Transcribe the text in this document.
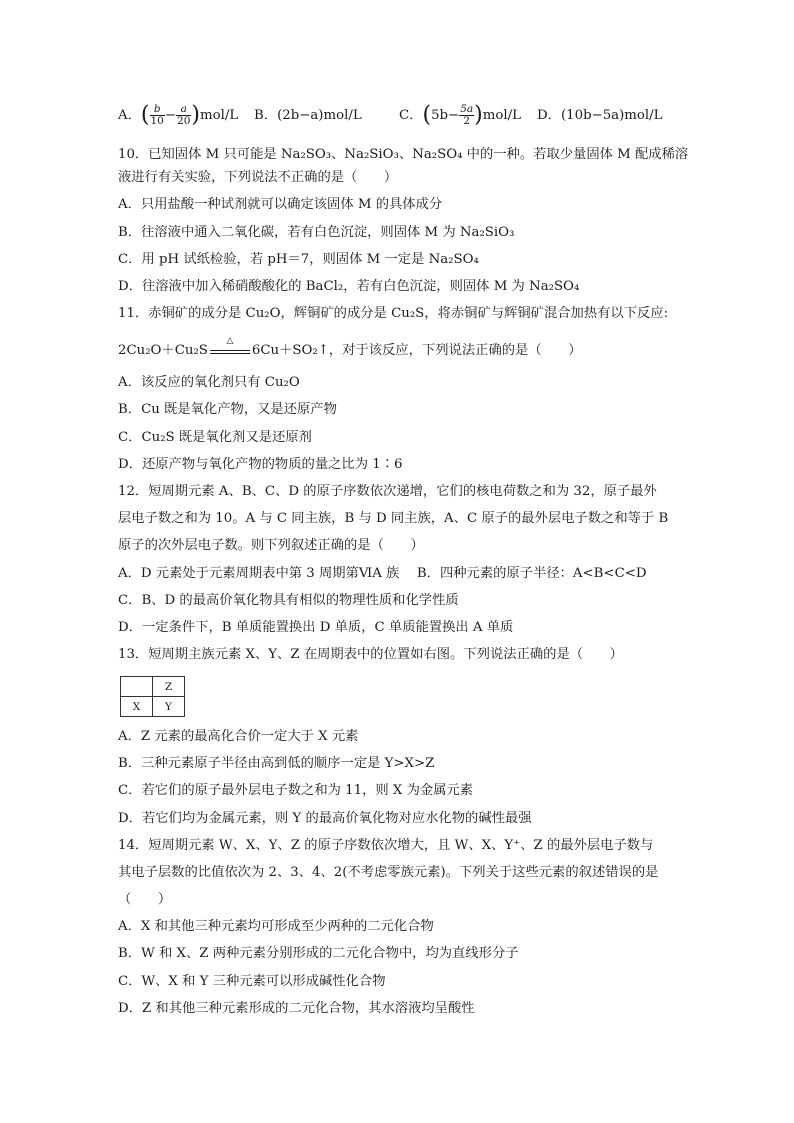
A．( $\frac{b}{10} - \frac{a}{20} )mol/L$ B．(2b−a)mol/L	C．$(5b- \frac{5a}{2} )mol/L$ D．(10b−5a)mol/L
10．已知固体 M 只可能是 Na₂SO₃、Na₂SiO₃、Na₂SO₄ 中的一种。若取少量固体 M 配成稀溶
液进行有关实验，下列说法不正确的是（　　）
A．只用盐酸一种试剂就可以确定该固体 M 的具体成分
B．往溶液中通入二氧化碳，若有白色沉淀，则固体 M 为 Na₂SiO₃
C．用 pH 试纸检验，若 pH＝7，则固体 M 一定是 Na₂SO₄
D．往溶液中加入稀硝酸酸化的 BaCl₂，若有白色沉淀，则固体 M 为 Na₂SO₄
11．赤铜矿的成分是 Cu₂O，辉铜矿的成分是 Cu₂S，将赤铜矿与辉铜矿混合加热有以下反应:
2Cu₂O＋Cu₂S
△
6Cu＋SO₂↑，对于该反应，下列说法正确的是（　　）
A．该反应的氧化剂只有 Cu₂O
B．Cu 既是氧化产物，又是还原产物
C．Cu₂S 既是氧化剂又是还原剂
D．还原产物与氧化产物的物质的量之比为 1∶6
12．短周期元素 A、B、C、D 的原子序数依次递增，它们的核电荷数之和为 32，原子最外
层电子数之和为 10。A 与 C 同主族，B 与 D 同主族，A、C 原子的最外层电子数之和等于 B
原子的次外层电子数。则下列叙述正确的是（　　）
A．D 元素处于元素周期表中第 3 周期第ⅥA 族　 B．四种元素的原子半径：A<B<C<D
C．B、D 的最高价氧化物具有相似的物理性质和化学性质
D．一定条件下，B 单质能置换出 D 单质，C 单质能置换出 A 单质
13．短周期主族元素 X、Y、Z 在周期表中的位置如右图。下列说法正确的是（　　）
	Z
X	Y
A．Z 元素的最高化合价一定大于 X 元素
B．三种元素原子半径由高到低的顺序一定是 Y>X>Z
C．若它们的原子最外层电子数之和为 11，则 X 为金属元素
D．若它们均为金属元素，则 Y 的最高价氧化物对应水化物的碱性最强
14．短周期元素 W、X、Y、Z 的原子序数依次增大，且 W、X、Y⁺、Z 的最外层电子数与
其电子层数的比值依次为 2、3、4、2(不考虑零族元素)。下列关于这些元素的叙述错误的是
（　　）
A．X 和其他三种元素均可形成至少两种的二元化合物
B．W 和 X、Z 两种元素分别形成的二元化合物中，均为直线形分子
C．W、X 和 Y 三种元素可以形成碱性化合物
D．Z 和其他三种元素形成的二元化合物，其水溶液均呈酸性
